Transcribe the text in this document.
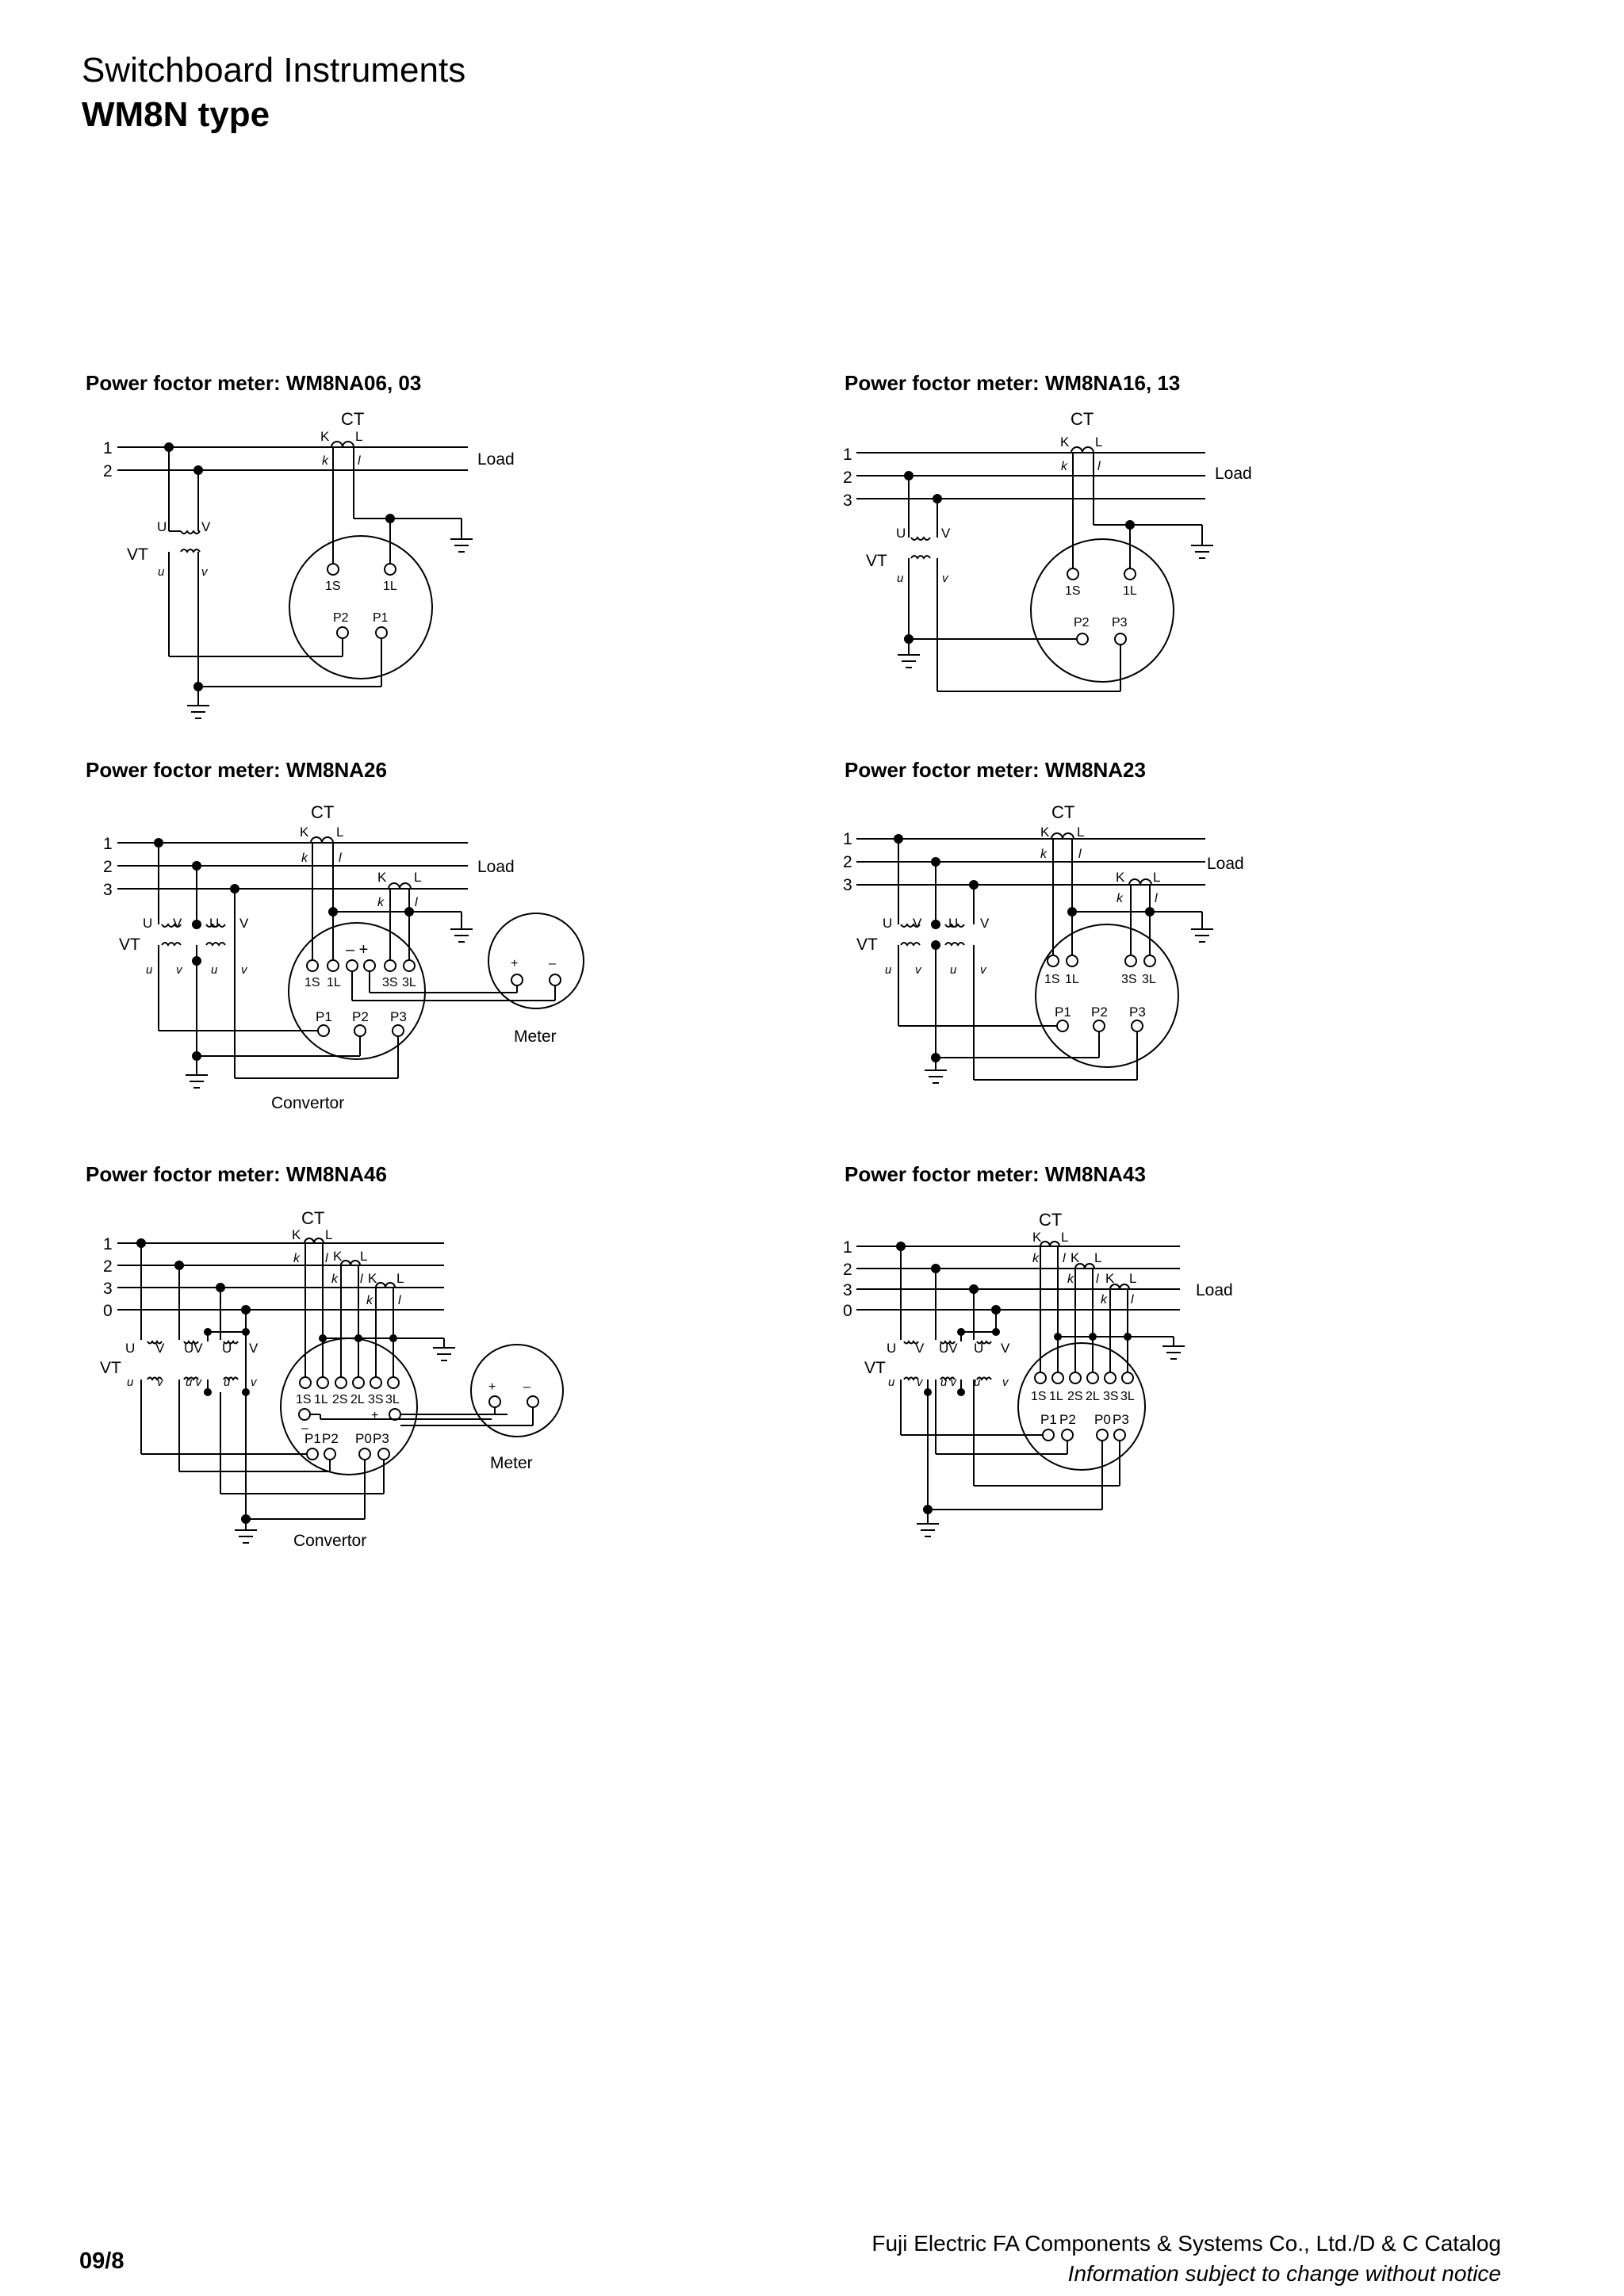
Switchboard Instruments
WM8N type
Power foctor meter: WM8NA06, 03	Power foctor meter: WM8NA16, 13
Power foctor meter: WM8NA26	Power foctor meter: WM8NA23
Power foctor meter: WM8NA46	Power foctor meter: WM8NA43
CT
K L
k l
1
2
Load
U	V
VT
u	v
1S	1L
P2 P1
CT
K L
k l
1
2
3
Load
U	V
VT
u	v
1S	1L
P2 P3
CT
K L
k l
K L
k l
1
2
3
Load
U V U V
VT
u v u v
– +
1S 1L	3S 3L
P1 P2 P3
Convertor
+ –
Meter
CT
K L
k	l
K L
k	l
1
2
3
Load
U V U V
VT
u v u v
1S 1L	3S 3L
P1 P2 P3
CT
K L
k l K L
k l K L
k l
1
2
3
0
U V UV U V
VT
u v u v u v
1S 1L 2S 2L 3S 3L
–
+
P1 P2 P0 P3
Convertor
+ –
Meter
CT
K L
k l K L
k l K L
k l
1
2
3
0
Load
U V UV U V
VT
u v u v u v
1S 1L 2S 2L 3S 3L
P1 P2 P0 P3
09/8
Fuji Electric FA Components & Systems Co., Ltd./D & C Catalog
Information subject to change without notice
